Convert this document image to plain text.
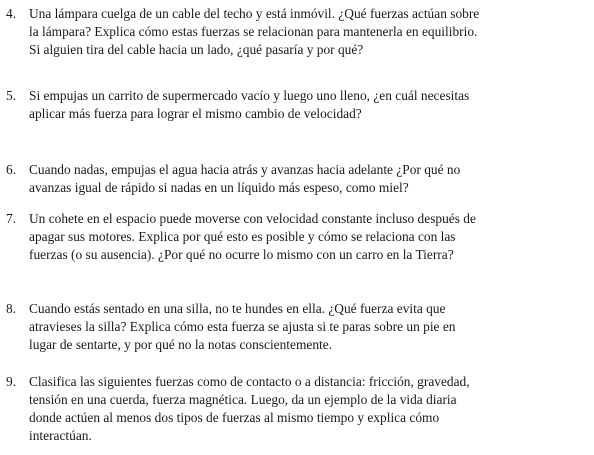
4. Una lámpara cuelga de un cable del techo y está inmóvil. ¿Qué fuerzas actúan sobre
la lámpara? Explica cómo estas fuerzas se relacionan para mantenerla en equilibrio.
Si alguien tira del cable hacia un lado, ¿qué pasaría y por qué?
5. Si empujas un carrito de supermercado vacío y luego uno lleno, ¿en cuál necesitas
aplicar más fuerza para lograr el mismo cambio de velocidad?
6. Cuando nadas, empujas el agua hacia atrás y avanzas hacia adelante ¿Por qué no
avanzas igual de rápido si nadas en un líquido más espeso, como miel?
7. Un cohete en el espacio puede moverse con velocidad constante incluso después de
apagar sus motores. Explica por qué esto es posible y cómo se relaciona con las
fuerzas (o su ausencia). ¿Por qué no ocurre lo mismo con un carro en la Tierra?
8. Cuando estás sentado en una silla, no te hundes en ella. ¿Qué fuerza evita que
atravieses la silla? Explica cómo esta fuerza se ajusta si te paras sobre un pie en
lugar de sentarte, y por qué no la notas conscientemente.
9. Clasifica las siguientes fuerzas como de contacto o a distancia: fricción, gravedad,
tensión en una cuerda, fuerza magnética. Luego, da un ejemplo de la vida diaria
donde actúen al menos dos tipos de fuerzas al mismo tiempo y explica cómo
interactúan.
